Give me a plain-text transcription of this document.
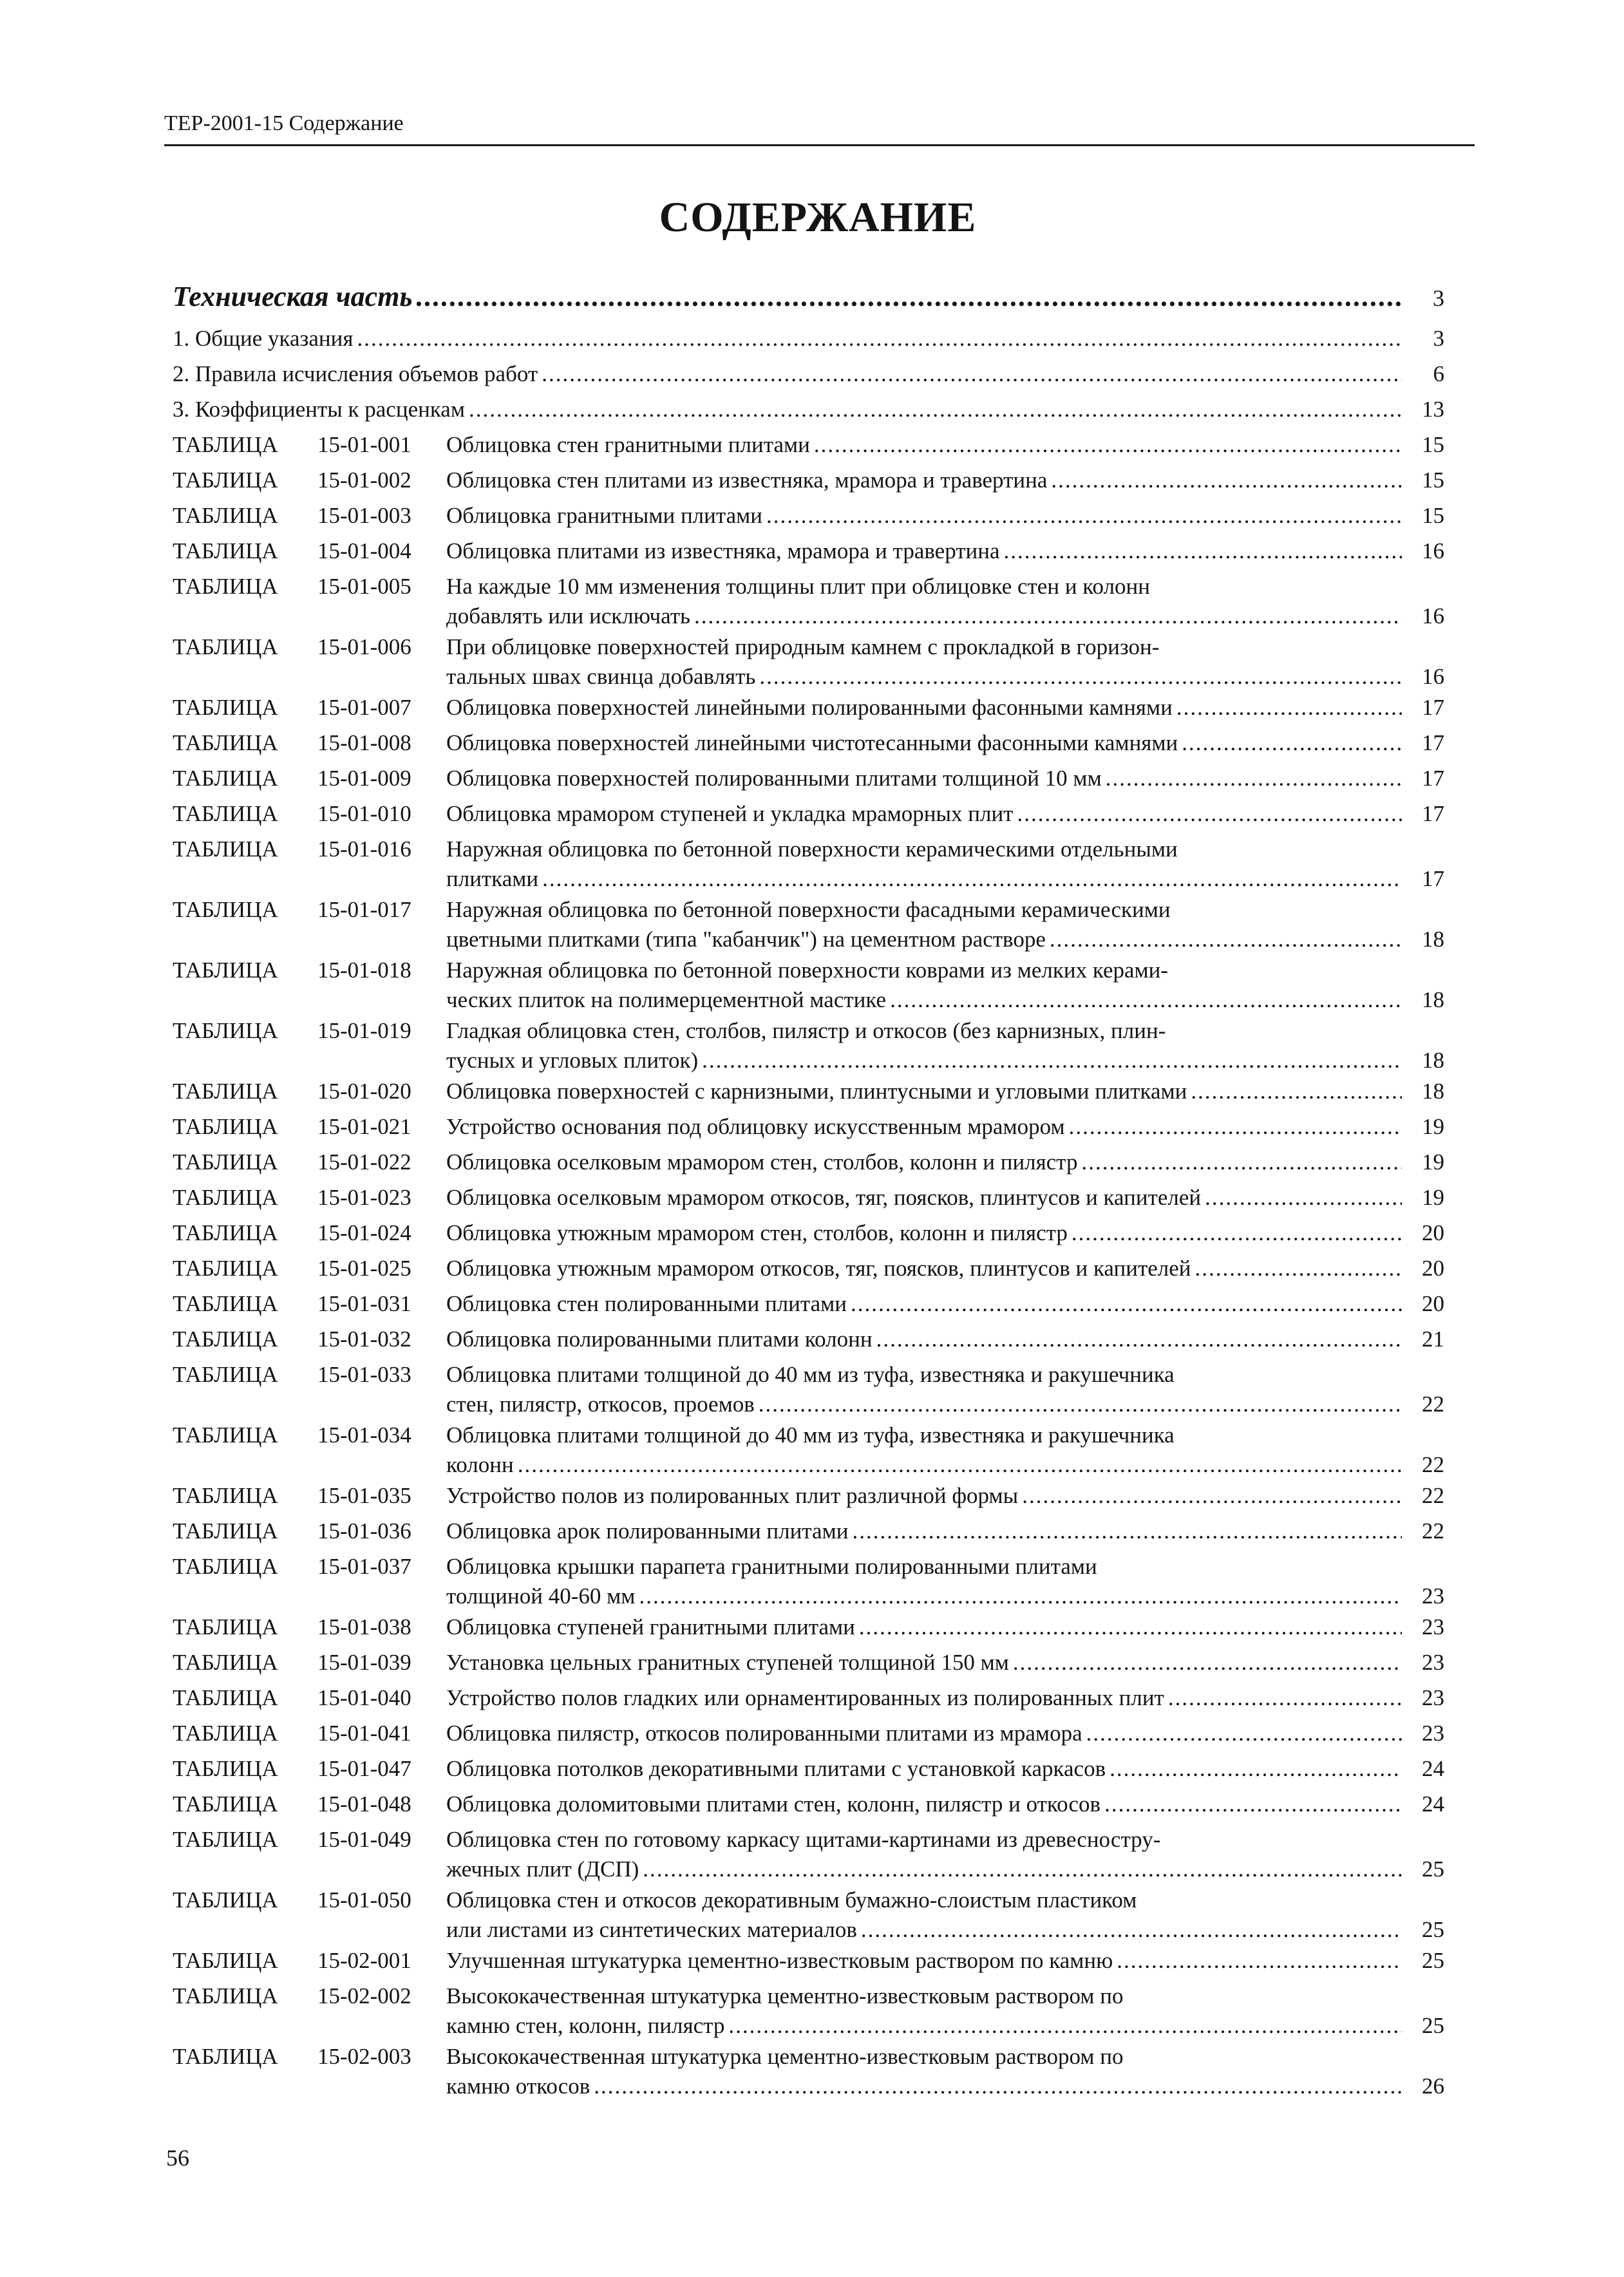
ТЕР-2001-15 Содержание
СОДЕРЖАНИЕ
Техническая часть .....	3
1. Общие указания .....	3
2. Правила исчисления объемов работ .....	6
3. Коэффициенты к расценкам .....	13
ТАБЛИЦА	15-01-001	Облицовка стен гранитными плитами .....	15
ТАБЛИЦА	15-01-002	Облицовка стен плитами из известняка, мрамора и травертина .....	15
ТАБЛИЦА	15-01-003	Облицовка гранитными плитами .....	15
ТАБЛИЦА	15-01-004	Облицовка плитами из известняка, мрамора и травертина .....	16
ТАБЛИЦА	15-01-005	На каждые 10 мм изменения толщины плит при облицовке стен и колонн
добавлять или исключать .....	16
ТАБЛИЦА	15-01-006	При облицовке поверхностей природным камнем с прокладкой в горизон-
тальных швах свинца добавлять .....	16
ТАБЛИЦА	15-01-007	Облицовка поверхностей линейными полированными фасонными камнями .....	17
ТАБЛИЦА	15-01-008	Облицовка поверхностей линейными чистотесанными фасонными камнями .....	17
ТАБЛИЦА	15-01-009	Облицовка поверхностей полированными плитами толщиной 10 мм .....	17
ТАБЛИЦА	15-01-010	Облицовка мрамором ступеней и укладка мраморных плит .....	17
ТАБЛИЦА	15-01-016	Наружная облицовка по бетонной поверхности керамическими отдельными
плитками .....	17
ТАБЛИЦА	15-01-017	Наружная облицовка по бетонной поверхности фасадными керамическими
цветными плитками (типа "кабанчик") на цементном растворе .....	18
ТАБЛИЦА	15-01-018	Наружная облицовка по бетонной поверхности коврами из мелких керами-
ческих плиток на полимерцементной мастике .....	18
ТАБЛИЦА	15-01-019	Гладкая облицовка стен, столбов, пилястр и откосов (без карнизных, плин-
тусных и угловых плиток) .....	18
ТАБЛИЦА	15-01-020	Облицовка поверхностей с карнизными, плинтусными и угловыми плитками .....	18
ТАБЛИЦА	15-01-021	Устройство основания под облицовку искусственным мрамором .....	19
ТАБЛИЦА	15-01-022	Облицовка оселковым мрамором стен, столбов, колонн и пилястр .....	19
ТАБЛИЦА	15-01-023	Облицовка оселковым мрамором откосов, тяг, поясков, плинтусов и капителей .....	19
ТАБЛИЦА	15-01-024	Облицовка утюжным мрамором стен, столбов, колонн и пилястр .....	20
ТАБЛИЦА	15-01-025	Облицовка утюжным мрамором откосов, тяг, поясков, плинтусов и капителей .....	20
ТАБЛИЦА	15-01-031	Облицовка стен полированными плитами .....	20
ТАБЛИЦА	15-01-032	Облицовка полированными плитами колонн .....	21
ТАБЛИЦА	15-01-033	Облицовка плитами толщиной до 40 мм из туфа, известняка и ракушечника
стен, пилястр, откосов, проемов .....	22
ТАБЛИЦА	15-01-034	Облицовка плитами толщиной до 40 мм из туфа, известняка и ракушечника
колонн .....	22
ТАБЛИЦА	15-01-035	Устройство полов из полированных плит различной формы .....	22
ТАБЛИЦА	15-01-036	Облицовка арок полированными плитами .....	22
ТАБЛИЦА	15-01-037	Облицовка крышки парапета гранитными полированными плитами
толщиной 40-60 мм .....	23
ТАБЛИЦА	15-01-038	Облицовка ступеней гранитными плитами .....	23
ТАБЛИЦА	15-01-039	Установка цельных гранитных ступеней толщиной 150 мм .....	23
ТАБЛИЦА	15-01-040	Устройство полов гладких или орнаментированных из полированных плит .....	23
ТАБЛИЦА	15-01-041	Облицовка пилястр, откосов полированными плитами из мрамора .....	23
ТАБЛИЦА	15-01-047	Облицовка потолков декоративными плитами с установкой каркасов .....	24
ТАБЛИЦА	15-01-048	Облицовка доломитовыми плитами стен, колонн, пилястр и откосов .....	24
ТАБЛИЦА	15-01-049	Облицовка стен по готовому каркасу щитами-картинами из древесностру-
жечных плит (ДСП) .....	25
ТАБЛИЦА	15-01-050	Облицовка стен и откосов декоративным бумажно-слоистым пластиком
или листами из синтетических материалов .....	25
ТАБЛИЦА	15-02-001	Улучшенная штукатурка цементно-известковым раствором по камню .....	25
ТАБЛИЦА	15-02-002	Высококачественная штукатурка цементно-известковым раствором по
камню стен, колонн, пилястр .....	25
ТАБЛИЦА	15-02-003	Высококачественная штукатурка цементно-известковым раствором по
камню откосов .....	26
56
